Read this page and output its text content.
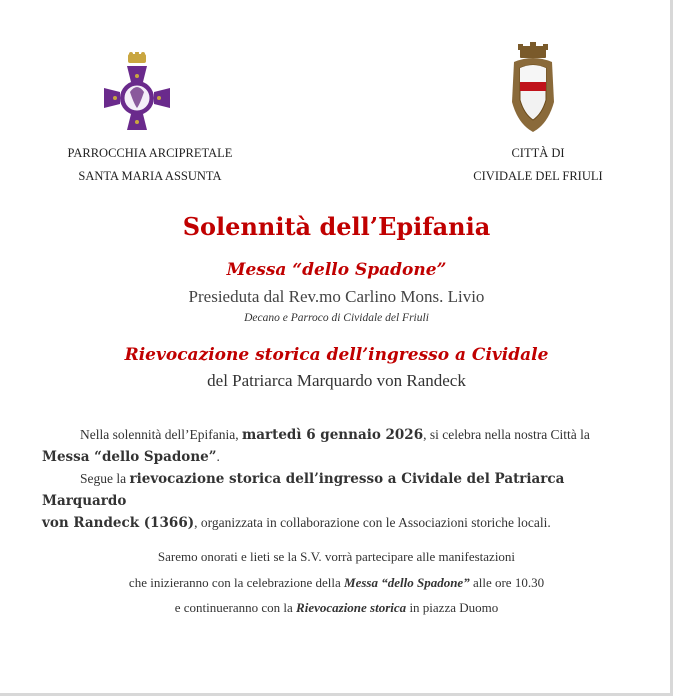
PARROCCHIA ARCIPRETALE
SANTA MARIA ASSUNTA
CITTÀ DI
CIVIDALE DEL FRIULI
Solennità dell’Epifania
Messa “dello Spadone”
Presieduta dal Rev.mo Carlino Mons. Livio
Decano e Parroco di Cividale del Friuli
Rievocazione storica dell’ingresso a Cividale
del Patriarca Marquardo von Randeck
Nella solennità dell’Epifania, martedì 6 gennaio 2026, si celebra nella nostra Città la
Messa “dello Spadone”.
Segue la rievocazione storica dell’ingresso a Cividale del Patriarca Marquardo
von Randeck (1366), organizzata in collaborazione con le Associazioni storiche locali.
Saremo onorati e lieti se la S.V. vorrà partecipare alle manifestazioni
che inizieranno con la celebrazione della Messa “dello Spadone” alle ore 10.30
e continueranno con la Rievocazione storica in piazza Duomo
